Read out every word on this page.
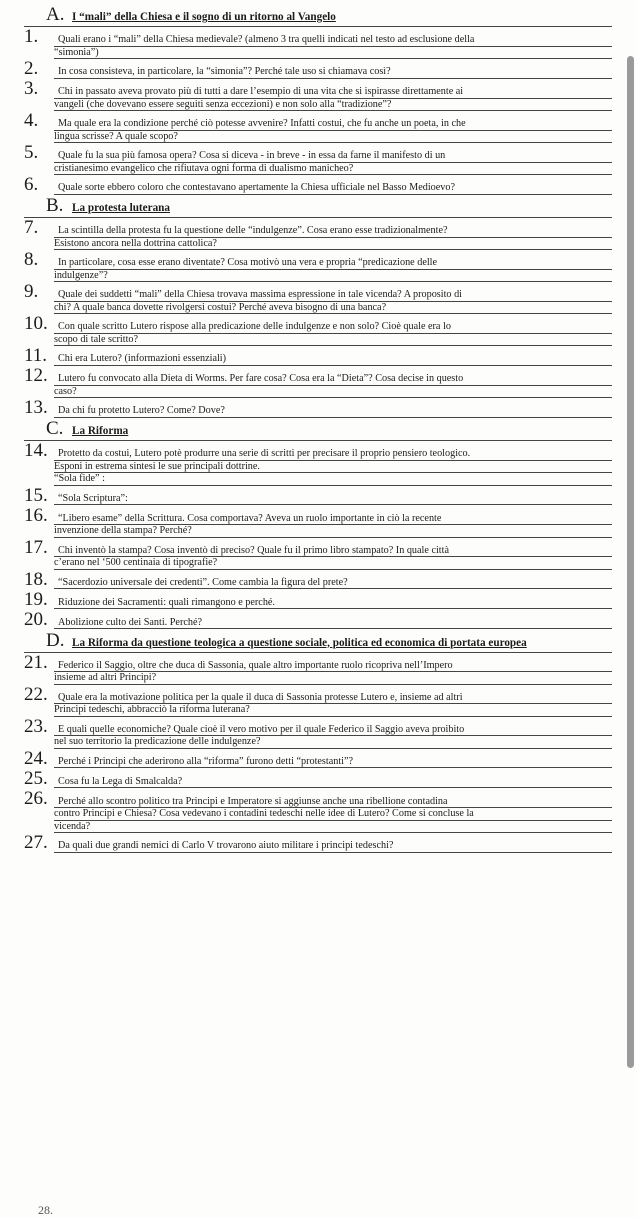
A. I “mali” della Chiesa e il sogno di un ritorno al Vangelo
1.	Quali erano i “mali” della Chiesa medievale? (almeno 3 tra quelli indicati nel testo ad esclusione della
“simonia”)
2.	In cosa consisteva, in particolare, la “simonia”? Perché tale uso si chiamava così?
3.	Chi in passato aveva provato più di tutti a dare l’esempio di una vita che si ispirasse direttamente ai
vangeli (che dovevano essere seguiti senza eccezioni) e non solo alla “tradizione”?
4.	Ma quale era la condizione perché ciò potesse avvenire? Infatti costui, che fu anche un poeta, in che
lingua scrisse? A quale scopo?
5.	Quale fu la sua più famosa opera? Cosa si diceva - in breve - in essa da farne il manifesto di un
cristianesimo evangelico che rifiutava ogni forma di dualismo manicheo?
6.	Quale sorte ebbero coloro che contestavano apertamente la Chiesa ufficiale nel Basso Medioevo?
B. La protesta luterana
7.	La scintilla della protesta fu la questione delle “indulgenze”. Cosa erano esse tradizionalmente?
Esistono ancora nella dottrina cattolica?
8.	In particolare, cosa esse erano diventate? Cosa motivò una vera e propria “predicazione delle
indulgenze”?
9.	Quale dei suddetti “mali” della Chiesa trovava massima espressione in tale vicenda? A proposito di
chi? A quale banca dovette rivolgersi costui? Perché aveva bisogno di una banca?
10.	Con quale scritto Lutero rispose alla predicazione delle indulgenze e non solo? Cioè quale era lo
scopo di tale scritto?
11.	Chi era Lutero? (informazioni essenziali)
12.	Lutero fu convocato alla Dieta di Worms. Per fare cosa? Cosa era la “Dieta”? Cosa decise in questo
caso?
13.	Da chi fu protetto Lutero? Come? Dove?
C. La Riforma
14.	Protetto da costui, Lutero potè produrre una serie di scritti per precisare il proprio pensiero teologico.
Esponi in estrema sintesi le sue principali dottrine.
“Sola fide” :
15.	“Sola Scriptura”:
16.	“Libero esame” della Scrittura. Cosa comportava? Aveva un ruolo importante in ciò la recente
invenzione della stampa? Perché?
17.	Chi inventò la stampa? Cosa inventò di preciso? Quale fu il primo libro stampato? In quale città
c’erano nel ‘500 centinaia di tipografie?
18.	“Sacerdozio universale dei credenti”. Come cambia la figura del prete?
19.	Riduzione dei Sacramenti: quali rimangono e perché.
20.	Abolizione culto dei Santi. Perché?
D. La Riforma da questione teologica a questione sociale, politica ed economica di portata europea
21.	Federico il Saggio, oltre che duca di Sassonia, quale altro importante ruolo ricopriva nell’Impero
insieme ad altri Principi?
22.	Quale era la motivazione politica per la quale il duca di Sassonia protesse Lutero e, insieme ad altri
Principi tedeschi, abbracciò la riforma luterana?
23.	E quali quelle economiche? Quale cioè il vero motivo per il quale Federico il Saggio aveva proibito
nel suo territorio la predicazione delle indulgenze?
24.	Perché i Principi che aderirono alla “riforma” furono detti “protestanti”?
25.	Cosa fu la Lega di Smalcalda?
26.	Perché allo scontro politico tra Principi e Imperatore si aggiunse anche una ribellione contadina
contro Principi e Chiesa? Cosa vedevano i contadini tedeschi nelle idee di Lutero? Come si concluse la
vicenda?
27.	Da quali due grandi nemici di Carlo V trovarono aiuto militare i principi tedeschi?
28.
